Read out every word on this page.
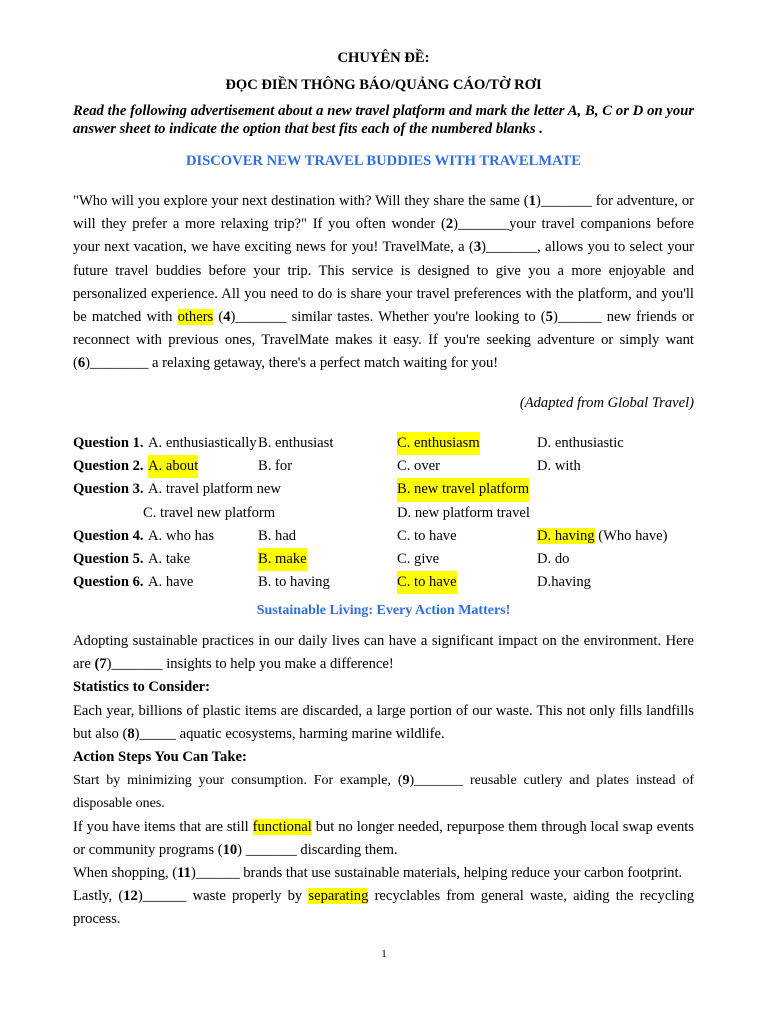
CHUYÊN ĐỀ:
ĐỌC ĐIỀN THÔNG BÁO/QUẢNG CÁO/TỜ RƠI
Read the following advertisement about a new travel platform and mark the letter A, B, C or D on your answer sheet to indicate the option that best fits each of the numbered blanks .
DISCOVER NEW TRAVEL BUDDIES WITH TRAVELMATE
"Who will you explore your next destination with? Will they share the same (1)_______ for adventure, or will they prefer a more relaxing trip?" If you often wonder (2)_______your travel companions before your next vacation, we have exciting news for you! TravelMate, a (3)_______, allows you to select your future travel buddies before your trip. This service is designed to give you a more enjoyable and personalized experience. All you need to do is share your travel preferences with the platform, and you'll be matched with others (4)_______ similar tastes. Whether you're looking to (5)______ new friends or reconnect with previous ones, TravelMate makes it easy. If you're seeking adventure or simply want (6)________ a relaxing getaway, there's a perfect match waiting for you!
(Adapted from Global Travel)
Question 1. A. enthusiastically B. enthusiast	C. enthusiasm	D. enthusiastic
Question 2. A. about	B. for	C. over	D. with
Question 3. A. travel platform new	B. new travel platform
C. travel new platform	D. new platform travel
Question 4. A. who has	B. had	C. to have	D. having (Who have)
Question 5. A. take	B. make	C. give	D. do
Question 6. A. have	B. to having	C. to have	D.having
Sustainable Living: Every Action Matters!

Adopting sustainable practices in our daily lives can have a significant impact on the environment. Here are (7)_______ insights to help you make a difference!

Statistics to Consider:

Each year, billions of plastic items are discarded, a large portion of our waste. This not only fills landfills but also (8)_____ aquatic ecosystems, harming marine wildlife.

Action Steps You Can Take:

Start by minimizing your consumption. For example, (9)_______ reusable cutlery and plates instead of disposable ones.

If you have items that are still functional but no longer needed, repurpose them through local swap events or community programs (10) _______ discarding them.

When shopping, (11)______ brands that use sustainable materials, helping reduce your carbon footprint.

Lastly, (12)______ waste properly by separating recyclables from general waste, aiding the recycling process.

1
